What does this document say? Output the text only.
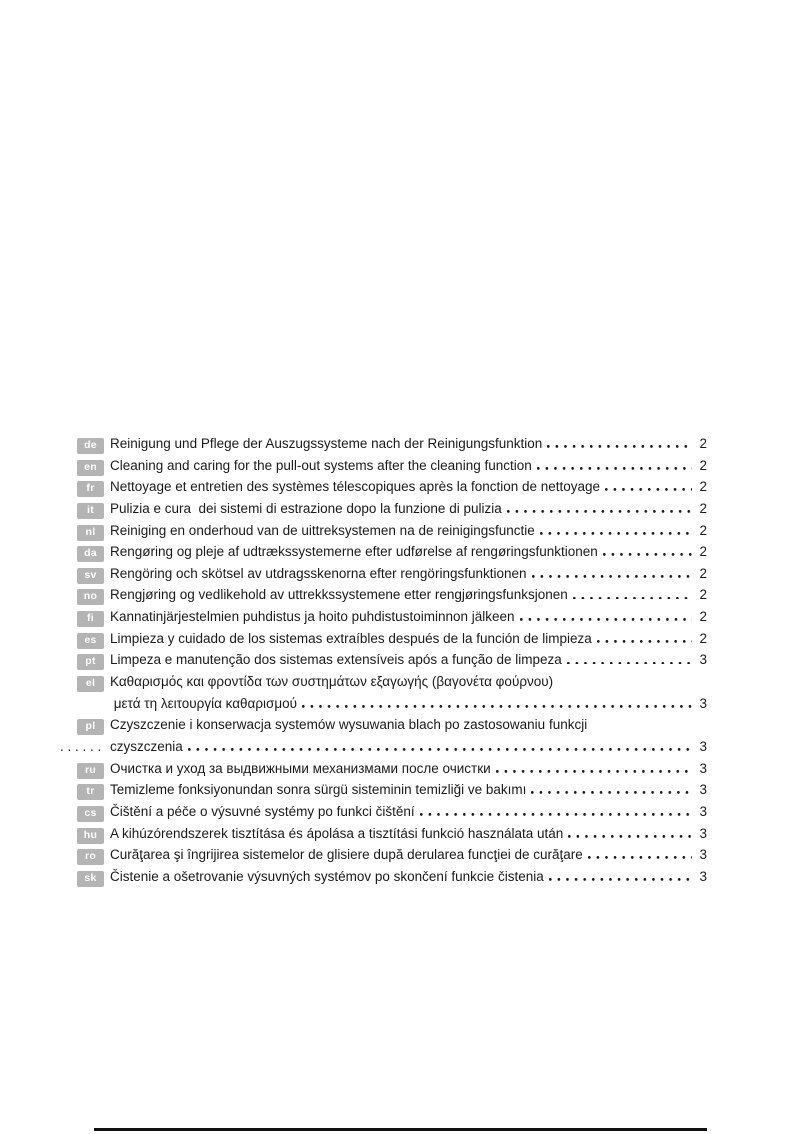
de Reinigung und Pflege der Auszugssysteme nach der Reinigungsfunktion	2
en Cleaning and caring for the pull-out systems after the cleaning function	2
fr	Nettoyage et entretien des systèmes télescopiques après la fonction de nettoyage	2
it	Pulizia e cura  dei sistemi di estrazione dopo la funzione di pulizia	2
nl	Reiniging en onderhoud van de uittreksystemen na de reinigingsfunctie	2
da Rengøring og pleje af udtrækssystemerne efter udførelse af rengøringsfunktionen	2
sv Rengöring och skötsel av utdragsskenorna efter rengöringsfunktionen	2
no Rengjøring og vedlikehold av uttrekkssystemene etter rengjøringsfunksjonen	2
fi	Kannatinjärjestelmien puhdistus ja hoito puhdistustoiminnon jälkeen	2
es Limpieza y cuidado de los sistemas extraíbles después de la función de limpieza	2
pt	Limpeza e manutenção dos sistemas extensíveis após a função de limpeza	3
el	Καθαρισμός και φροντίδα των συστημάτων εξαγωγής (βαγονέτα φούρνου)
μετά τη λειτουργία καθαρισμού	3
pl	Czyszczenie i konserwacja systemów wysuwania blach po zastosowaniu funkcji
. . . . . . czyszczenia	3
ru	Очистка и уход за выдвижными механизмами после очистки	3
tr	Temizleme fonksiyonundan sonra sürgü sisteminin temizliği ve bakımı	3
cs Čištění a péče o výsuvné systémy po funkci čištění	3
hu A kihúzórendszerek tisztítása és ápolása a tisztítási funkció használata után	3
ro	Curăţarea şi îngrijirea sistemelor de glisiere după derularea funcţiei de curăţare	3
sk Čistenie a ošetrovanie výsuvných systémov po skončení funkcie čistenia	3
